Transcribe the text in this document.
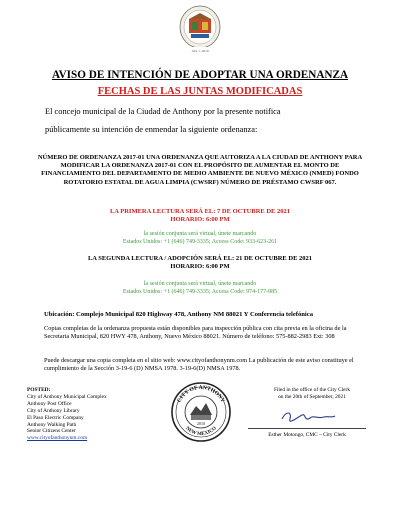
July 1, 2010
AVISO DE INTENCIÓN DE ADOPTAR UNA ORDENANZA
FECHAS DE LAS JUNTAS MODIFICADAS
El concejo municipal de la Ciudad de Anthony por la presente notifica
públicamente su intención de enmendar la siguiente ordenanza:
NÚMERO DE ORDENANZA 2017-01 UNA ORDENANZA QUE AUTORIZA A LA CIUDAD DE ANTHONY PARA MODIFICAR LA ORDENANZA 2017-01 CON EL PROPÓSITO DE AUMENTAR EL MONTO DE FINANCIAMIENTO DEL DEPARTAMENTO DE MEDIO AMBIENTE DE NUEVO MÉXICO (NMED) FONDO ROTATORIO ESTATAL DE AGUA LIMPIA (CWSRF) NÚMERO DE PRÉSTAMO CWSRF 067.
LA PRIMERA LECTURA SERÁ EL: 7 DE OCTUBRE DE 2021
HORARIO: 6:00 PM
la sesión conjunta será virtual, únete marcando
Estados Unidos: +1 (646) 749-3335; Access Code: 933-623-261
LA SEGUNDA LECTURA / ADOPCIÓN SERÁ EL: 21 DE OCTUBRE DE 2021
HORARIO: 6:00 PM
la sesión conjunta será virtual, únete marcando
Estados Unidos: +1 (646) 749-3335; Access Code: 974-177-085
Ubicación: Complejo Municipal 820 Highway 478, Anthony NM 88021 Y Conferencia telefónica
Copias completas de la ordenanza propuesta están disponibles para inspección pública con cita previa en la oficina de la Secretaria Municipal, 820 HWY 478, Anthony, Nuevo México 88021. Número de teléfono: 575-882-2983 Ext: 308
Puede descargar una copia completa en el sitio web: www.cityofanthonynm.com La publicación de este aviso constituye el cumplimiento de la Sección 3-19-6 (D) NMSA 1978. 3-19-6(D) NMSA 1978.
POSTED:
City of Anthony Municipal Complex
Anthony Post Office
City of Anthony Library
El Paso Electric Company
Anthony Walking Path
Senior Citizens Center
www.cityofanthonynm.com
CITY OF ANTHONY
NEW MEXICO
2010
Filed in the office of the City Clerk
on the 20th of September, 2021
Esther Motongo, CMC – City Clerk
